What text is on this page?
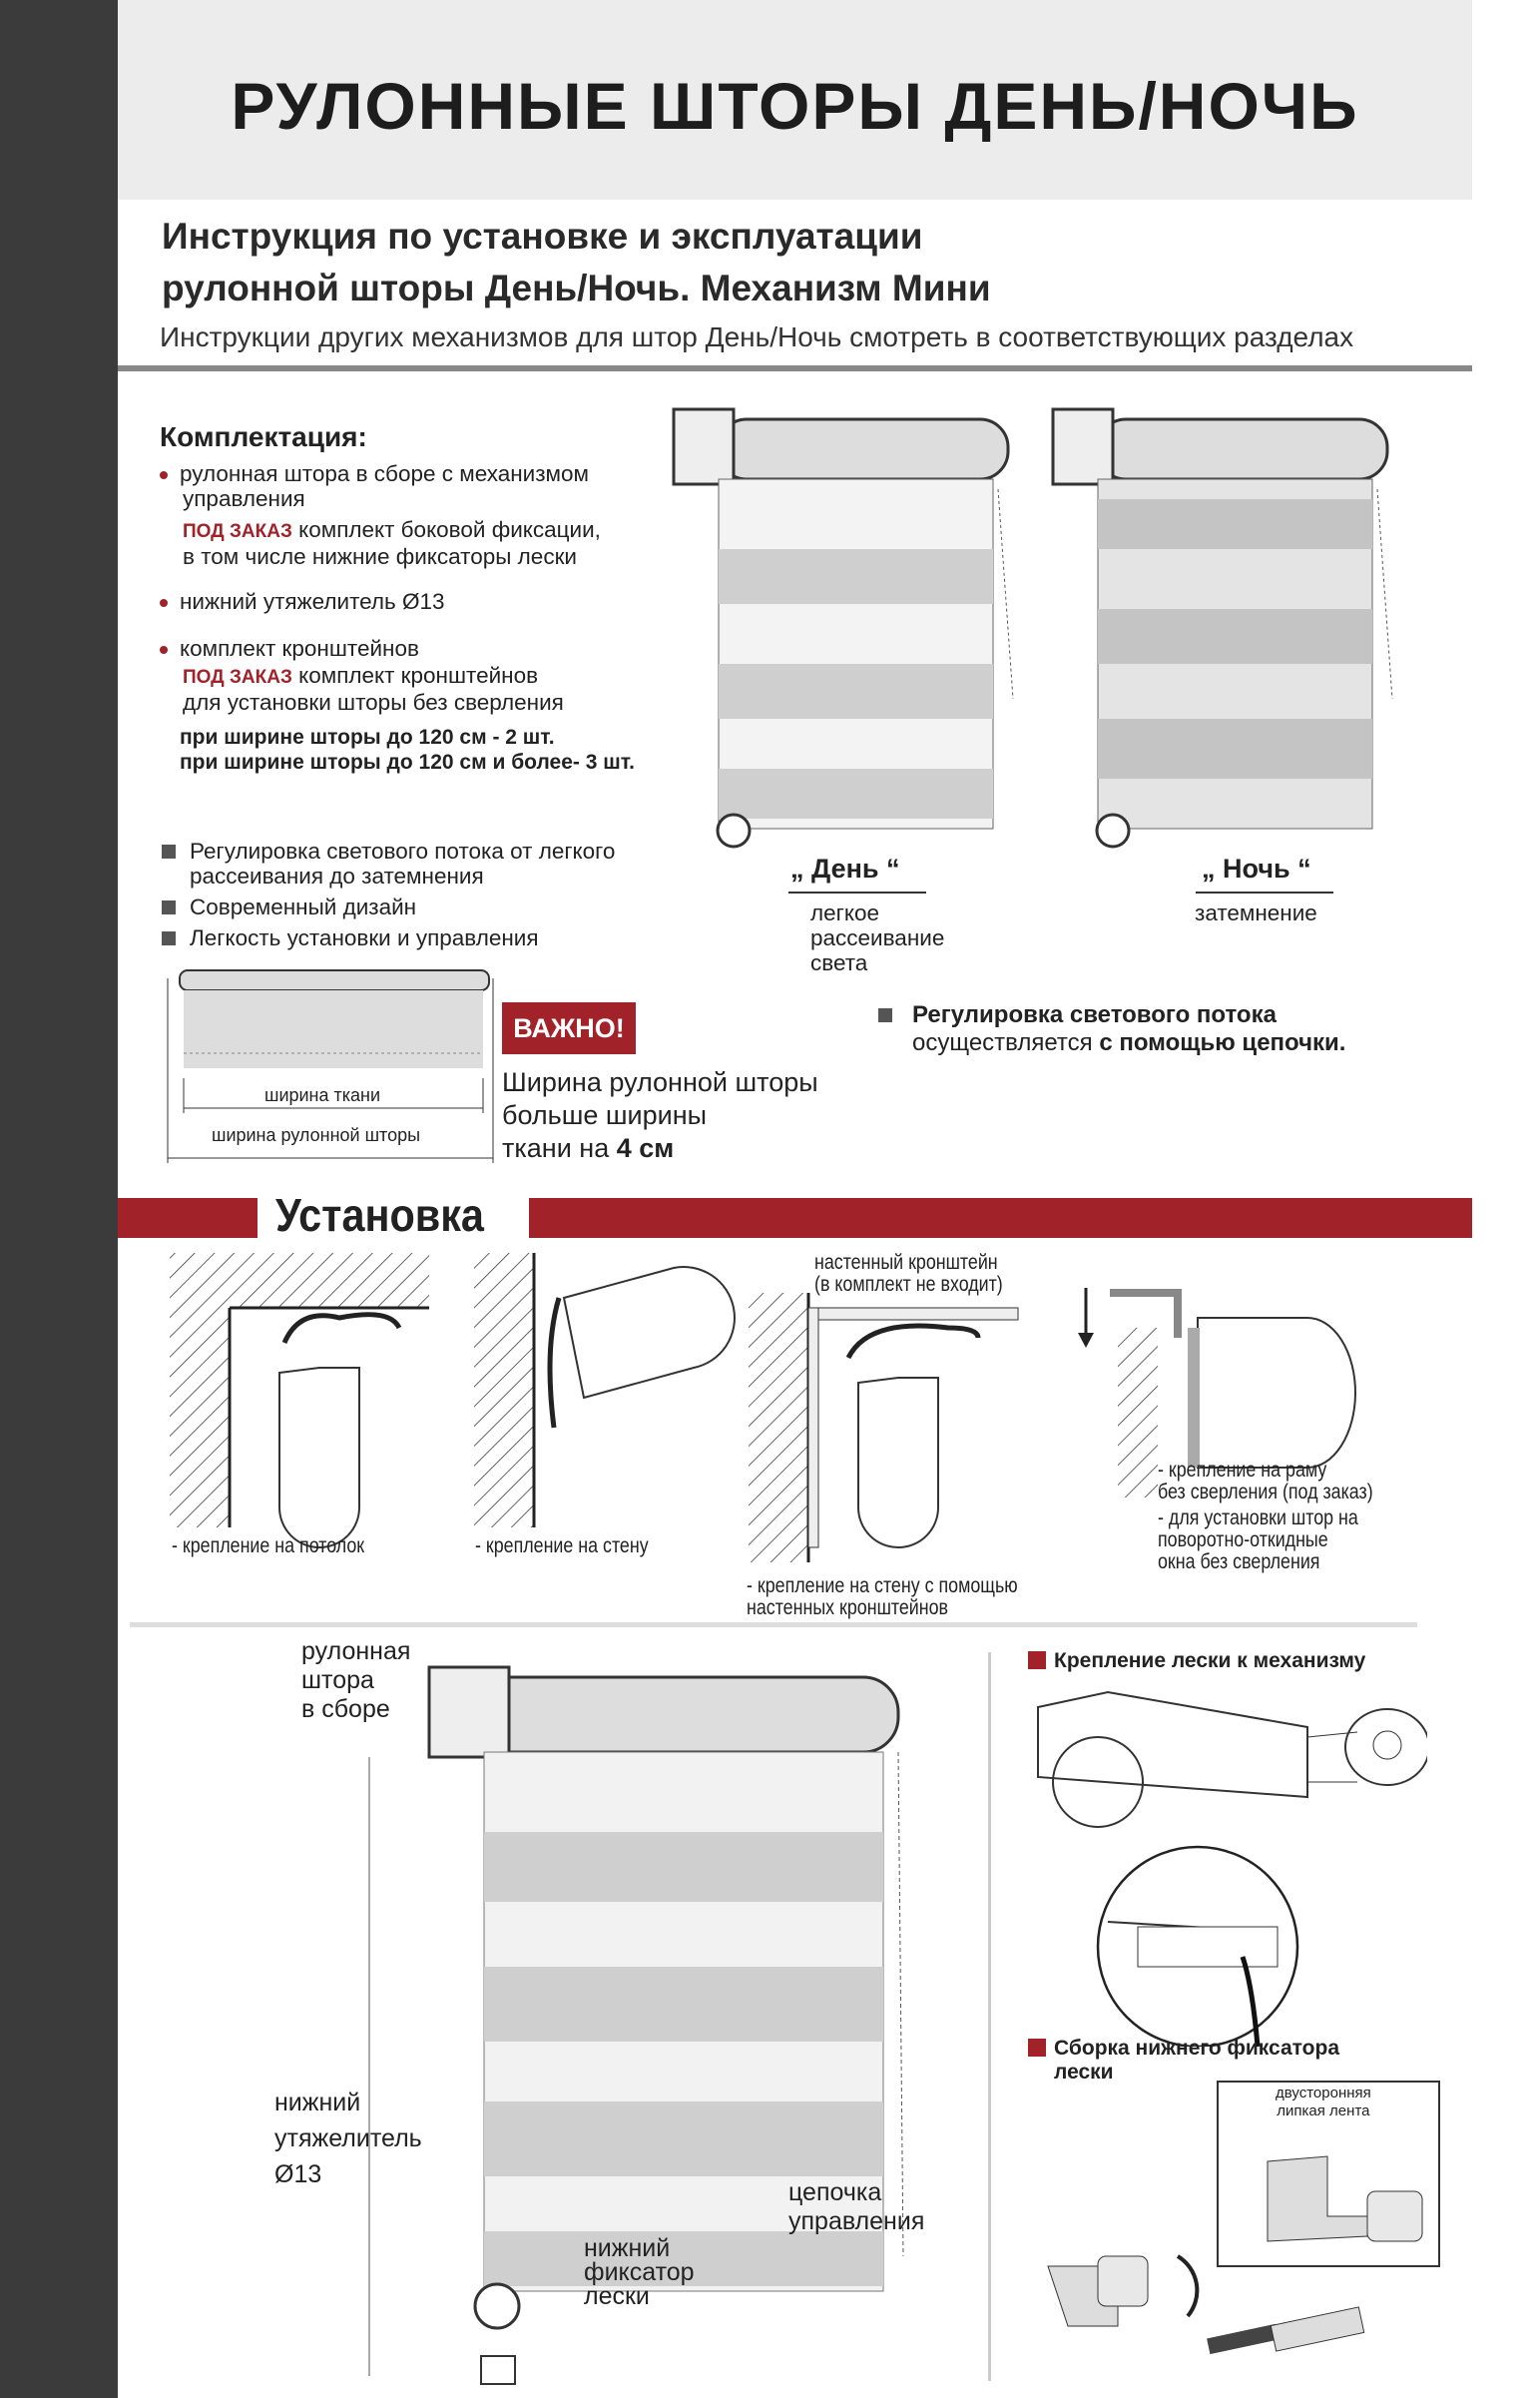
РУЛОННЫЕ ШТОРЫ ДЕНЬ/НОЧЬ
Инструкция по установке и эксплуатации
рулонной шторы День/Ночь. Механизм Мини
Инструкции других механизмов для штор День/Ночь смотреть в соответствующих разделах
Комплектация:
рулонная штора в сборе с механизмом
управления
ПОД ЗАКАЗ комплект боковой фиксации,
в том числе нижние фиксаторы лески
нижний утяжелитель Ø13
комплект кронштейнов
ПОД ЗАКАЗ комплект кронштейнов
для установки шторы без сверления
при ширине шторы до 120 см - 2 шт.
при ширине шторы до 120 см и более- 3 шт.
Регулировка светового потока от легкого
рассеивания до затемнения
Современный дизайн
Легкость установки и управления
„ День “
легкое
рассеивание
света
„ Ночь “
затемнение
ширина ткани
ширина рулонной шторы
ВАЖНО!
Ширина рулонной шторы
больше ширины
ткани на 4 см
Регулировка светового потока
осуществляется с помощью цепочки.
Установка
настенный кронштейн
(в комплект не входит)
- крепление на потолок	- крепление на стену
- крепление на стену с помощью
настенных кронштейнов
- крепление на раму
без сверления (под заказ)
- для установки штор на
поворотно-откидные
окна без сверления
рулонная
штора
в сборе
нижний
утяжелитель
Ø13
нижний
фиксатор
лески
цепочка
управления
Крепление лески к механизму
Сборка нижнего фиксатора
лески
двусторонняя
липкая лента
